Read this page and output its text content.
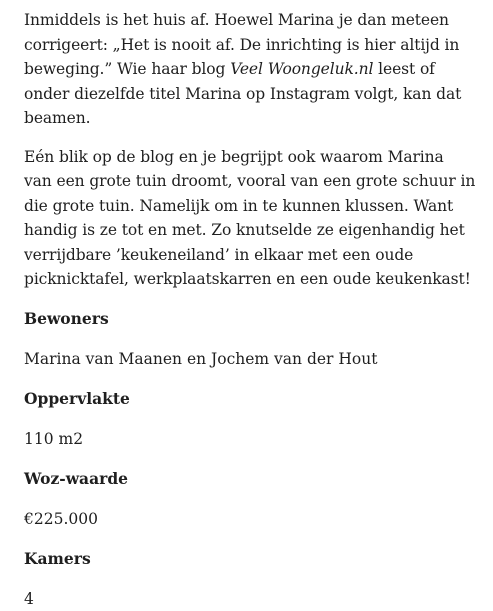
Inmiddels is het huis af. Hoewel Marina je dan meteen corrigeert: „Het is nooit af. De inrichting is hier altijd in beweging.” Wie haar blog Veel Woongeluk.nl leest of onder diezelfde titel Marina op Instagram volgt, kan dat beamen.

Eén blik op de blog en je begrijpt ook waarom Marina van een grote tuin droomt, vooral van een grote schuur in die grote tuin. Namelijk om in te kunnen klussen. Want handig is ze tot en met. Zo knutselde ze eigenhandig het verrijdbare ’keukeneiland’ in elkaar met een oude picknicktafel, werkplaatskarren en een oude keukenkast!

Bewoners

Marina van Maanen en Jochem van der Hout

Oppervlakte

110 m2

Woz-waarde

€225.000

Kamers

4
